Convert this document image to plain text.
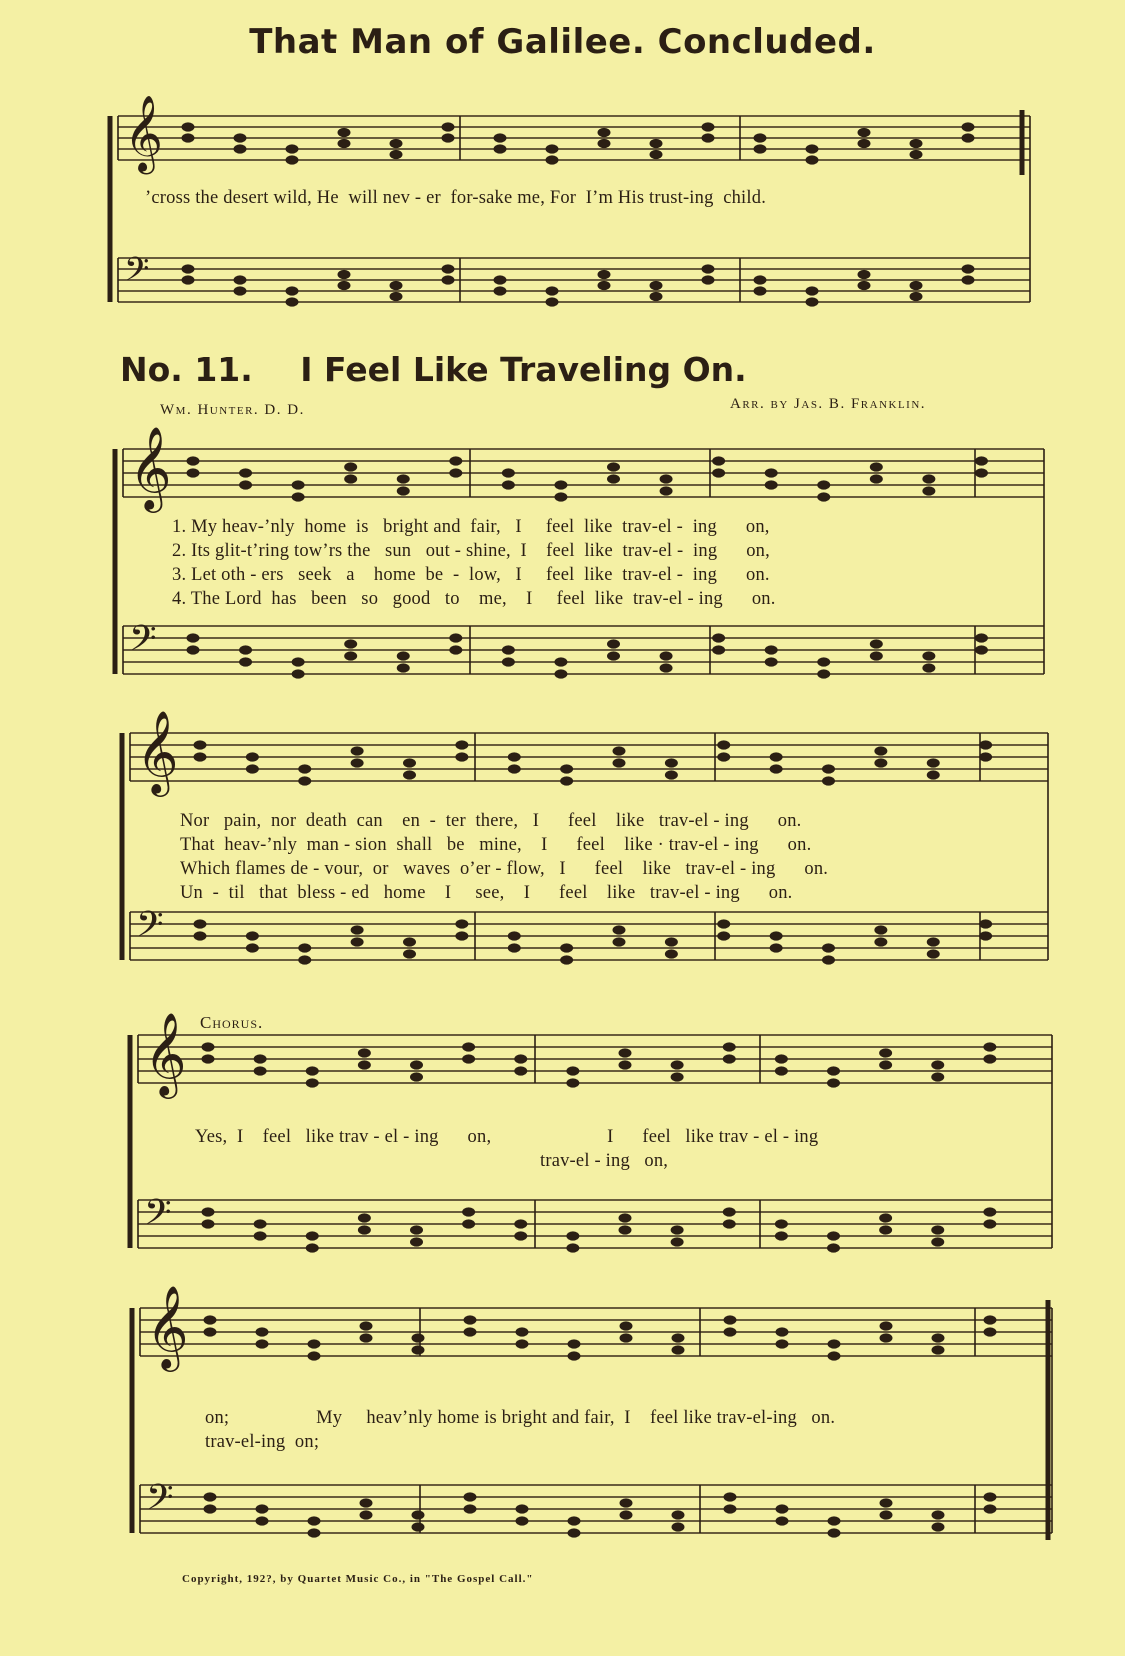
𝄞
𝄢
𝄞
𝄢
𝄞
𝄢
𝄞
𝄢
𝄞
𝄢
That Man of Galilee. Concluded.
’cross the desert wild, He  will nev - er  for-sake me, For  I’m His trust-ing  child.
No. 11. I Feel Like Traveling On.
Wm. Hunter. D. D.	Arr. by Jas. B. Franklin.
1. My heav-’nly  home  is   bright and  fair,   I     feel  like  trav-el -  ing      on,
2. Its glit-t’ring tow’rs the   sun   out - shine,  I    feel  like  trav-el -  ing      on,
3. Let oth - ers   seek   a    home  be  -  low,   I     feel  like  trav-el -  ing      on.
4. The Lord  has   been   so   good   to    me,    I     feel  like  trav-el - ing      on.
Nor   pain,  nor  death  can    en  -  ter  there,   I      feel    like   trav-el - ing      on.
That  heav-’nly  man - sion  shall   be   mine,    I      feel    like · trav-el - ing      on.
Which flames de - vour,  or   waves  o’er - flow,   I      feel    like   trav-el - ing      on.
Un  -  til   that  bless - ed   home    I     see,    I      feel    like   trav-el - ing      on.
Chorus.
Yes,  I    feel   like trav - el - ing      on,                        I      feel   like trav - el - ing
trav-el - ing   on,
on;                  My     heav’nly home is bright and fair,  I    feel like trav-el-ing   on.
trav-el-ing  on;
Copyright, 192?, by Quartet Music Co., in "The Gospel Call."
